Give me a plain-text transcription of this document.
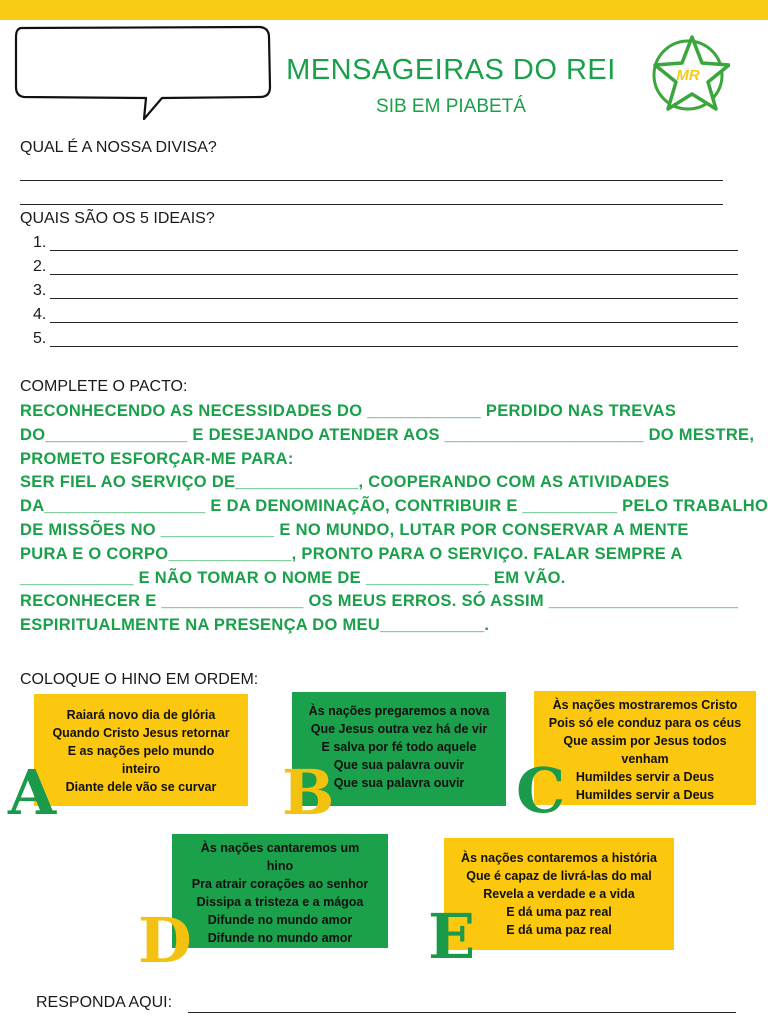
MENSAGEIRAS DO REI
SIB EM PIABETÁ
MR
QUAL É A NOSSA DIVISA?
QUAIS SÃO OS 5 IDEAIS?
1.
2.
3.
4.
5.
COMPLETE O PACTO:
RECONHECENDO AS NECESSIDADES DO ____________ PERDIDO NAS TREVAS
DO_______________ E DESEJANDO ATENDER AOS _____________________ DO MESTRE,
PROMETO ESFORÇAR-ME PARA:
SER FIEL AO SERVIÇO DE_____________, COOPERANDO COM AS ATIVIDADES
DA_________________ E DA DENOMINAÇÃO, CONTRIBUIR E __________ PELO TRABALHO
DE MISSÕES NO ____________ E NO MUNDO, LUTAR POR CONSERVAR A MENTE
PURA E O CORPO_____________, PRONTO PARA O SERVIÇO. FALAR SEMPRE A
____________ E NÃO TOMAR O NOME DE _____________ EM VÃO.
RECONHECER E _______________ OS MEUS ERROS. SÓ ASSIM ____________________
ESPIRITUALMENTE NA PRESENÇA DO MEU___________.
COLOQUE O HINO EM ORDEM:
Raiará novo dia de glória
Quando Cristo Jesus retornar
E as nações pelo mundo
inteiro
Diante dele vão se curvar
A
Às nações pregaremos a nova
Que Jesus outra vez há de vir
E salva por fé todo aquele
Que sua palavra ouvir
Que sua palavra ouvir
B
Às nações mostraremos Cristo
Pois só ele conduz para os céus
Que assim por Jesus todos
venham
Humildes servir a Deus
Humildes servir a Deus
C
Às nações cantaremos um
hino
Pra atrair corações ao senhor
Dissipa a tristeza e a mágoa
Difunde no mundo amor
Difunde no mundo amor
D
Às nações contaremos a história
Que é capaz de livrá-las do mal
Revela a verdade e a vida
E dá uma paz real
E dá uma paz real
E
RESPONDA AQUI:
